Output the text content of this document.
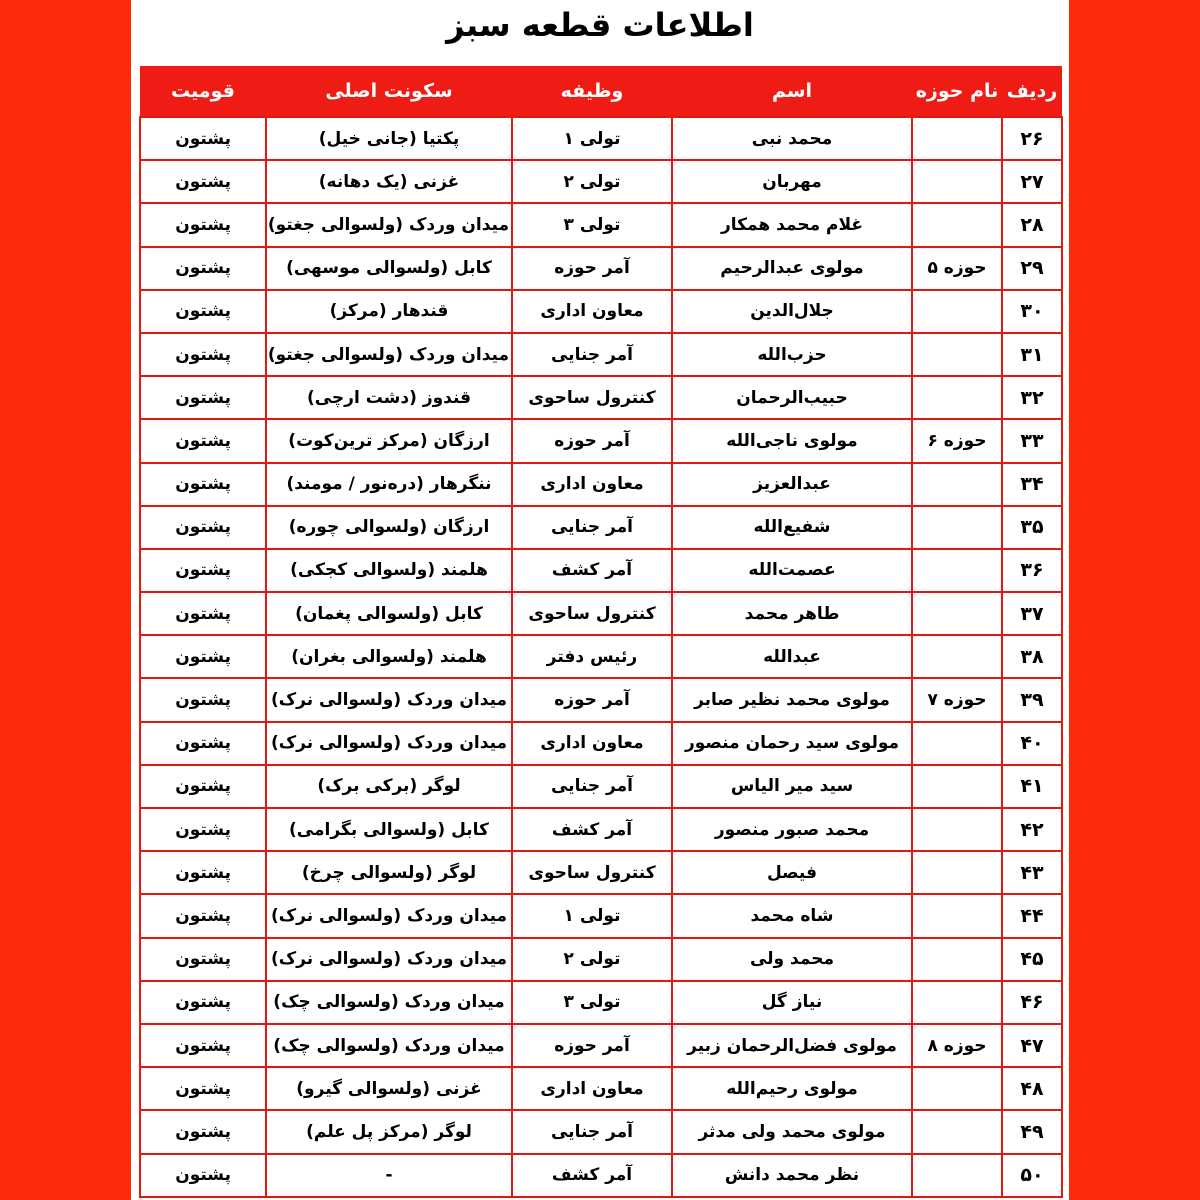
اطلاعات قطعه سبز
ردیف	نام حوزه	اسم	وظیفه	سکونت اصلی	قومیت
۲۶		محمد نبی	تولی ۱	پکتیا (جانی خیل)	پشتون
۲۷		مهربان	تولی ۲	غزنی (یک دهانه)	پشتون
۲۸		غلام محمد همکار	تولی ۳	میدان وردک (ولسوالی جغتو)	پشتون
۲۹	حوزه ۵	مولوی عبدالرحیم	آمر حوزه	کابل (ولسوالی موسهی)	پشتون
۳۰		جلال‌الدین	معاون اداری	قندهار (مرکز)	پشتون
۳۱		حزب‌الله	آمر جنایی	میدان وردک (ولسوالی جغتو)	پشتون
۳۲		حبیب‌الرحمان	کنترول ساحوی	قندوز (دشت ارچی)	پشتون
۳۳	حوزه ۶	مولوی ناجی‌الله	آمر حوزه	ارزگان (مرکز ترین‌کوت)	پشتون
۳۴		عبدالعزیز	معاون اداری	ننگرهار (دره‌نور / مومند)	پشتون
۳۵		شفیع‌الله	آمر جنایی	ارزگان (ولسوالی چوره)	پشتون
۳۶		عصمت‌الله	آمر کشف	هلمند (ولسوالی کجکی)	پشتون
۳۷		طاهر محمد	کنترول ساحوی	کابل (ولسوالی پغمان)	پشتون
۳۸		عبدالله	رئیس دفتر	هلمند (ولسوالی بغران)	پشتون
۳۹	حوزه ۷	مولوی محمد نظیر صابر	آمر حوزه	میدان وردک (ولسوالی نرک)	پشتون
۴۰		مولوی سید رحمان منصور	معاون اداری	میدان وردک (ولسوالی نرک)	پشتون
۴۱		سید میر الیاس	آمر جنایی	لوگر (برکی برک)	پشتون
۴۲		محمد صبور منصور	آمر کشف	کابل (ولسوالی بگرامی)	پشتون
۴۳		فیصل	کنترول ساحوی	لوگر (ولسوالی چرخ)	پشتون
۴۴		شاه محمد	تولی ۱	میدان وردک (ولسوالی نرک)	پشتون
۴۵		محمد ولی	تولی ۲	میدان وردک (ولسوالی نرک)	پشتون
۴۶		نیاز گل	تولی ۳	میدان وردک (ولسوالی چک)	پشتون
۴۷	حوزه ۸	مولوی فضل‌الرحمان زبیر	آمر حوزه	میدان وردک (ولسوالی چک)	پشتون
۴۸		مولوی رحیم‌الله	معاون اداری	غزنی (ولسوالی گیرو)	پشتون
۴۹		مولوی محمد ولی مدثر	آمر جنایی	لوگر (مرکز پل علم)	پشتون
۵۰		نظر محمد دانش	آمر کشف	-	پشتون
